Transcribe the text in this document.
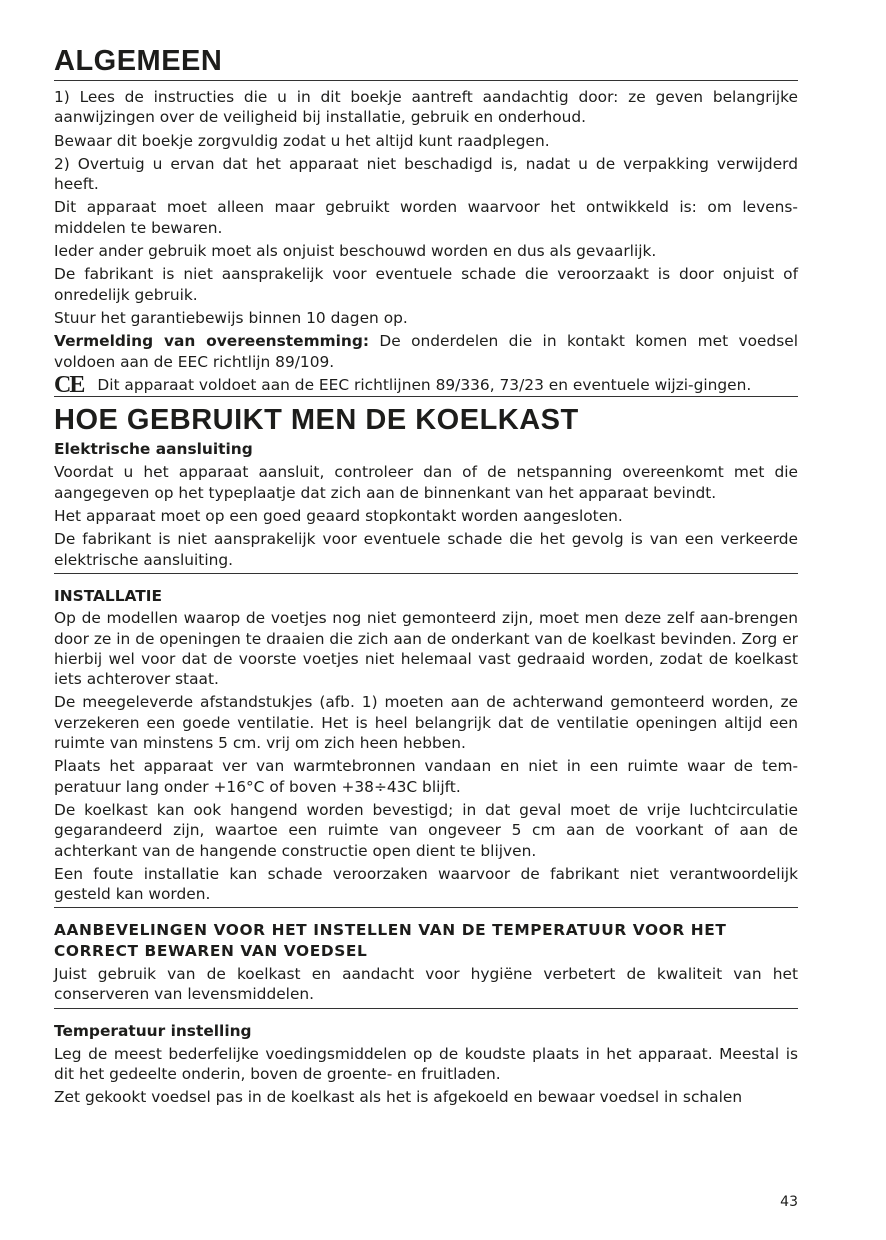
ALGEMEEN

1) Lees de instructies die u in dit boekje aantreft aandachtig door: ze geven belangrijke aanwijzingen over de veiligheid bij installatie, gebruik en onderhoud.

Bewaar dit boekje zorgvuldig zodat u het altijd kunt raadplegen.

2) Overtuig u ervan dat het apparaat niet beschadigd is, nadat u de verpakking verwijderd heeft.

Dit apparaat moet alleen maar gebruikt worden waarvoor het ontwikkeld is: om levens-middelen te bewaren.

Ieder ander gebruik moet als onjuist beschouwd worden en dus als gevaarlijk.

De fabrikant is niet aansprakelijk voor eventuele schade die veroorzaakt is door onjuist of onredelijk gebruik.

Stuur het garantiebewijs binnen 10 dagen op.

Vermelding van overeenstemming: De onderdelen die in kontakt komen met voedsel voldoen aan de EEC richtlijn 89/109.

CE Dit apparaat voldoet aan de EEC richtlijnen 89/336, 73/23 en eventuele wijzi-gingen.

HOE GEBRUIKT MEN DE KOELKAST
Elektrische aansluiting

Voordat u het apparaat aansluit, controleer dan of de netspanning overeenkomt met die aangegeven op het typeplaatje dat zich aan de binnenkant van het apparaat bevindt.

Het apparaat moet op een goed geaard stopkontakt worden aangesloten.

De fabrikant is niet aansprakelijk voor eventuele schade die het gevolg is van een verkeerde elektrische aansluiting.

INSTALLATIE

Op de modellen waarop de voetjes nog niet gemonteerd zijn, moet men deze zelf aan-brengen door ze in de openingen te draaien die zich aan de onderkant van de koelkast bevinden. Zorg er hierbij wel voor dat de voorste voetjes niet helemaal vast gedraaid worden, zodat de koelkast iets achterover staat.

De meegeleverde afstandstukjes (afb. 1) moeten aan de achterwand gemonteerd worden, ze verzekeren een goede ventilatie. Het is heel belangrijk dat de ventilatie openingen altijd een ruimte van minstens 5 cm. vrij om zich heen hebben.

Plaats het apparaat ver van warmtebronnen vandaan en niet in een ruimte waar de tem-peratuur lang onder +16°C of boven +38÷43C blijft.

De koelkast kan ook hangend worden bevestigd; in dat geval moet de vrije luchtcirculatie gegarandeerd zijn, waartoe een ruimte van ongeveer 5 cm aan de voorkant of aan de achterkant van de hangende constructie open dient te blijven.

Een foute installatie kan schade veroorzaken waarvoor de fabrikant niet verantwoordelijk gesteld kan worden.

AANBEVELINGEN VOOR HET INSTELLEN VAN DE TEMPERATUUR VOOR HET CORRECT BEWAREN VAN VOEDSEL

Juist gebruik van de koelkast en aandacht voor hygiëne verbetert de kwaliteit van het conserveren van levensmiddelen.

Temperatuur instelling

Leg de meest bederfelijke voedingsmiddelen op de koudste plaats in het apparaat. Meestal is dit het gedeelte onderin, boven de groente- en fruitladen.

Zet gekookt voedsel pas in de koelkast als het is afgekoeld en bewaar voedsel in schalen

43
